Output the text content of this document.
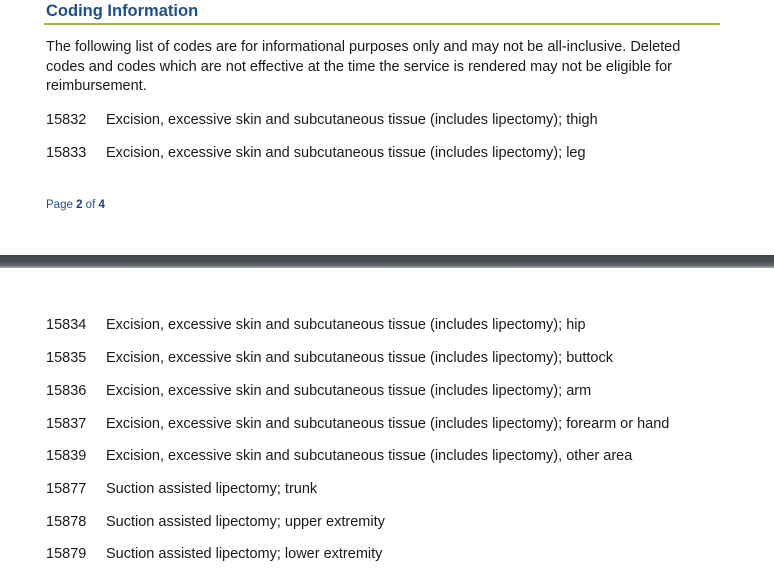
Coding Information
The following list of codes are for informational purposes only and may not be all-inclusive. Deleted codes and codes which are not effective at the time the service is rendered may not be eligible for reimbursement.
15832 Excision, excessive skin and subcutaneous tissue (includes lipectomy); thigh
15833 Excision, excessive skin and subcutaneous tissue (includes lipectomy); leg
Page 2 of 4
15834 Excision, excessive skin and subcutaneous tissue (includes lipectomy); hip
15835 Excision, excessive skin and subcutaneous tissue (includes lipectomy); buttock
15836 Excision, excessive skin and subcutaneous tissue (includes lipectomy); arm
15837 Excision, excessive skin and subcutaneous tissue (includes lipectomy); forearm or hand
15839 Excision, excessive skin and subcutaneous tissue (includes lipectomy), other area
15877 Suction assisted lipectomy; trunk
15878 Suction assisted lipectomy; upper extremity
15879 Suction assisted lipectomy; lower extremity
